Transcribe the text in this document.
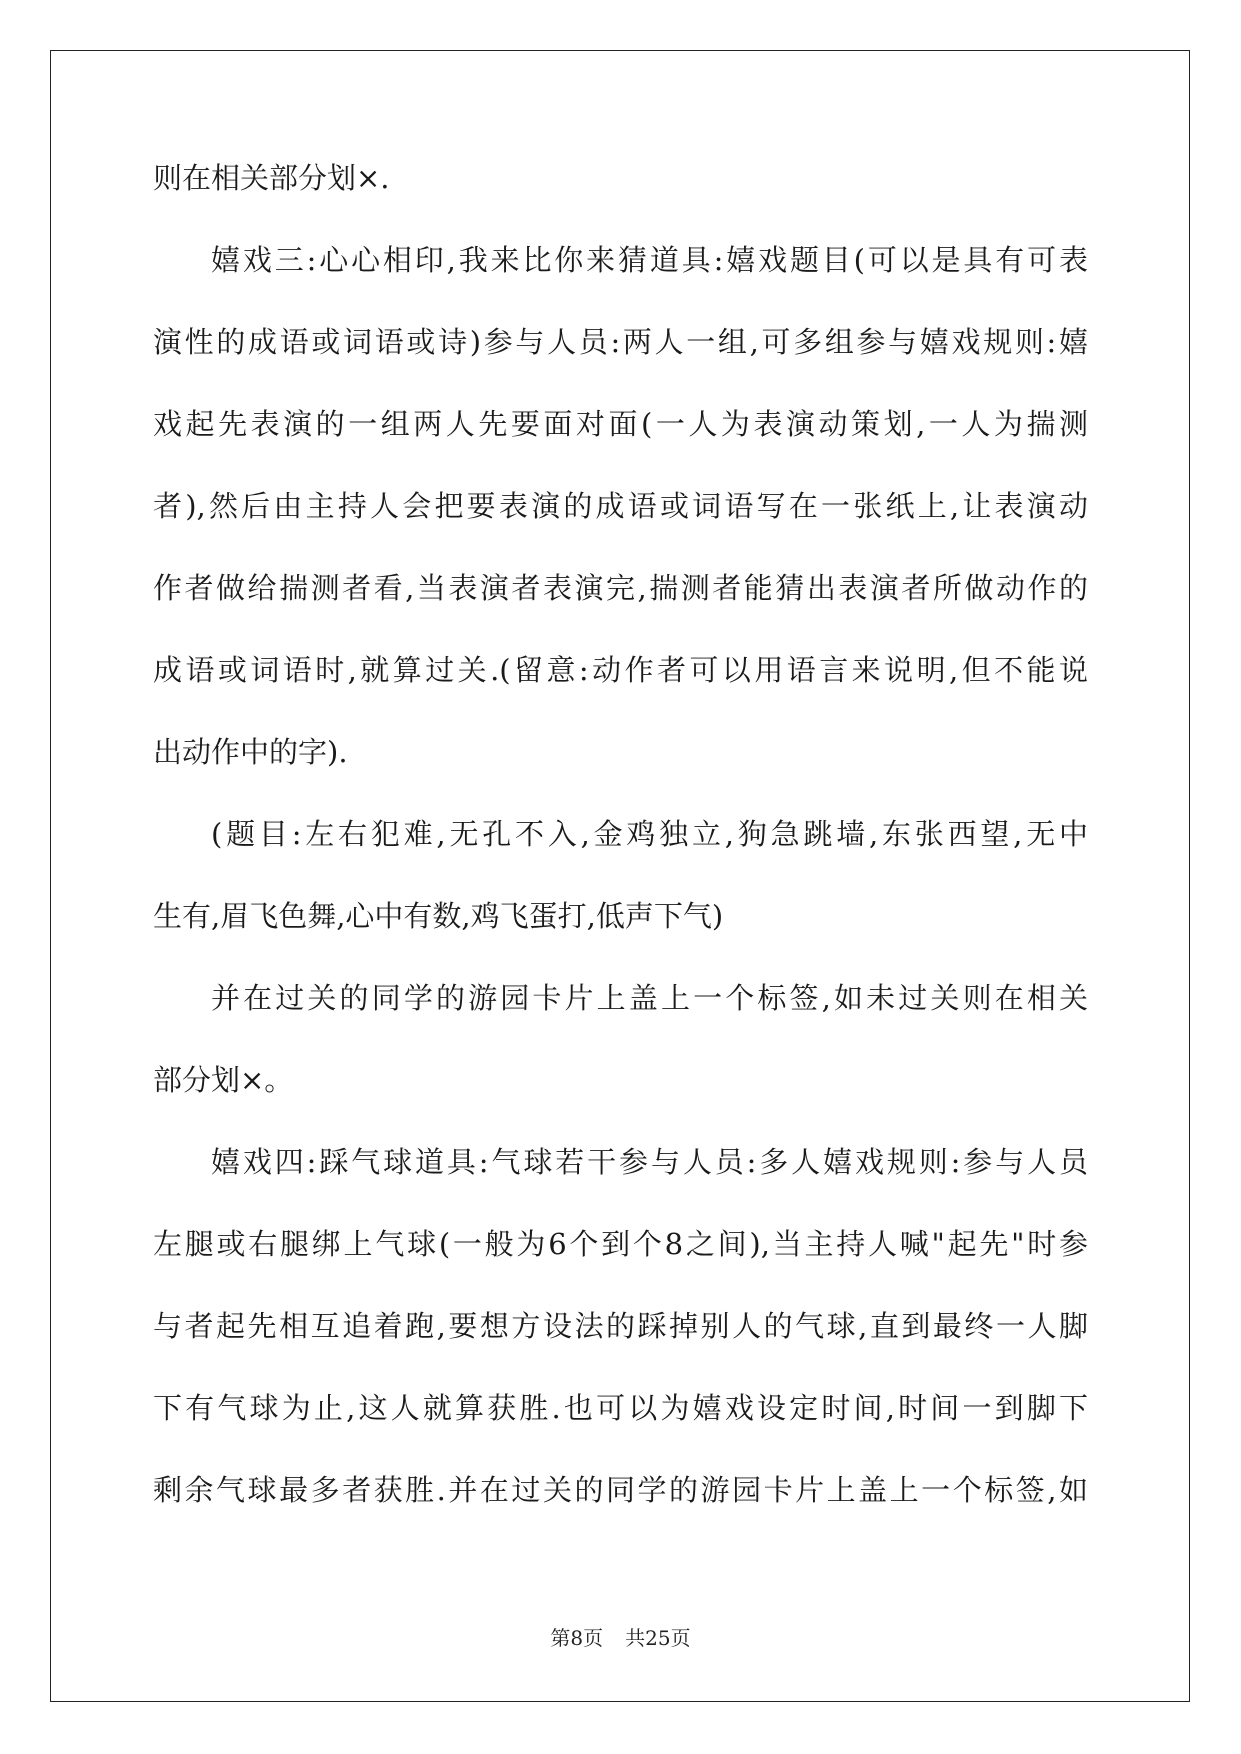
则在相关部分划×.
嬉戏三:心心相印,我来比你来猜道具:嬉戏题目(可以是具有可表
演性的成语或词语或诗)参与人员:两人一组,可多组参与嬉戏规则:嬉
戏起先表演的一组两人先要面对面(一人为表演动策划,一人为揣测
者),然后由主持人会把要表演的成语或词语写在一张纸上,让表演动
作者做给揣测者看,当表演者表演完,揣测者能猜出表演者所做动作的
成语或词语时,就算过关.(留意:动作者可以用语言来说明,但不能说
出动作中的字).
(题目:左右犯难,无孔不入,金鸡独立,狗急跳墙,东张西望,无中
生有,眉飞色舞,心中有数,鸡飞蛋打,低声下气)
并在过关的同学的游园卡片上盖上一个标签,如未过关则在相关
部分划×。
嬉戏四:踩气球道具:气球若干参与人员:多人嬉戏规则:参与人员
左腿或右腿绑上气球(一般为6个到个8之间),当主持人喊"起先"时参
与者起先相互追着跑,要想方设法的踩掉别人的气球,直到最终一人脚
下有气球为止,这人就算获胜.也可以为嬉戏设定时间,时间一到脚下
剩余气球最多者获胜.并在过关的同学的游园卡片上盖上一个标签,如
第8页 共25页
